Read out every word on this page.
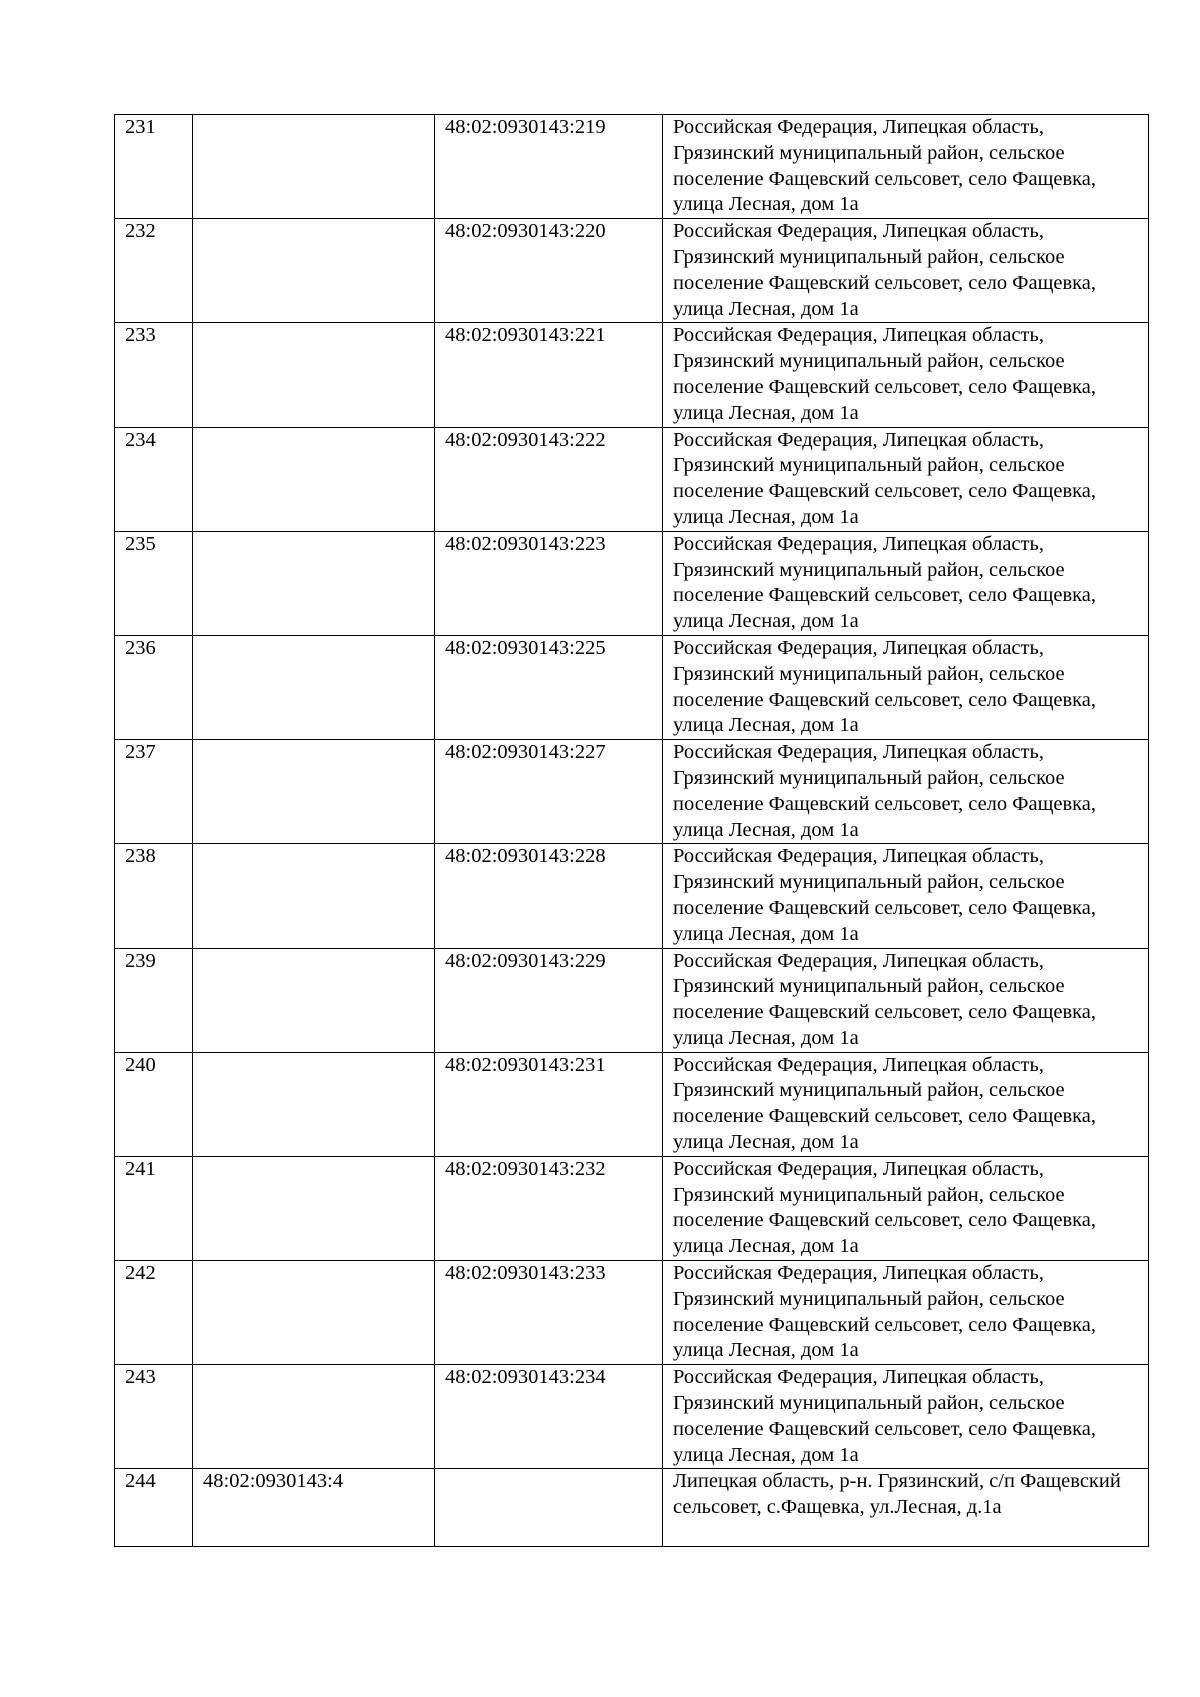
231		48:02:0930143:219	Российская Федерация, Липецкая область, Грязинский муниципальный район, сельское поселение Фащевский сельсовет, село Фащевка, улица Лесная, дом 1а
232		48:02:0930143:220	Российская Федерация, Липецкая область, Грязинский муниципальный район, сельское поселение Фащевский сельсовет, село Фащевка, улица Лесная, дом 1а
233		48:02:0930143:221	Российская Федерация, Липецкая область, Грязинский муниципальный район, сельское поселение Фащевский сельсовет, село Фащевка, улица Лесная, дом 1а
234		48:02:0930143:222	Российская Федерация, Липецкая область, Грязинский муниципальный район, сельское поселение Фащевский сельсовет, село Фащевка, улица Лесная, дом 1а
235		48:02:0930143:223	Российская Федерация, Липецкая область, Грязинский муниципальный район, сельское поселение Фащевский сельсовет, село Фащевка, улица Лесная, дом 1а
236		48:02:0930143:225	Российская Федерация, Липецкая область, Грязинский муниципальный район, сельское поселение Фащевский сельсовет, село Фащевка, улица Лесная, дом 1а
237		48:02:0930143:227	Российская Федерация, Липецкая область, Грязинский муниципальный район, сельское поселение Фащевский сельсовет, село Фащевка, улица Лесная, дом 1а
238		48:02:0930143:228	Российская Федерация, Липецкая область, Грязинский муниципальный район, сельское поселение Фащевский сельсовет, село Фащевка, улица Лесная, дом 1а
239		48:02:0930143:229	Российская Федерация, Липецкая область, Грязинский муниципальный район, сельское поселение Фащевский сельсовет, село Фащевка, улица Лесная, дом 1а
240		48:02:0930143:231	Российская Федерация, Липецкая область, Грязинский муниципальный район, сельское поселение Фащевский сельсовет, село Фащевка, улица Лесная, дом 1а
241		48:02:0930143:232	Российская Федерация, Липецкая область, Грязинский муниципальный район, сельское поселение Фащевский сельсовет, село Фащевка, улица Лесная, дом 1а
242		48:02:0930143:233	Российская Федерация, Липецкая область, Грязинский муниципальный район, сельское поселение Фащевский сельсовет, село Фащевка, улица Лесная, дом 1а
243		48:02:0930143:234	Российская Федерация, Липецкая область, Грязинский муниципальный район, сельское поселение Фащевский сельсовет, село Фащевка, улица Лесная, дом 1а
244	48:02:0930143:4		Липецкая область, р-н. Грязинский, с/п Фащевский сельсовет, с.Фащевка, ул.Лесная, д.1а
